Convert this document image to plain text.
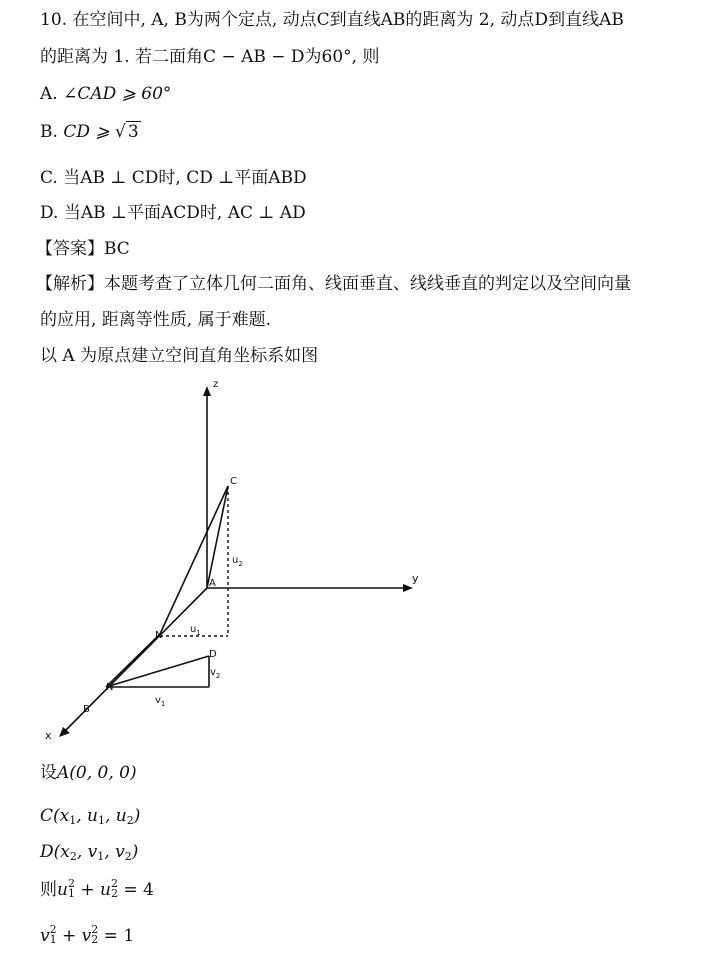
10. 在空间中, A, B为两个定点, 动点C到直线AB的距离为 2, 动点D到直线AB
的距离为 1. 若二面角C − AB − D为60°, 则
A. ∠CAD ⩾ 60°
B. CD ⩾ √ 3
C. 当AB ⊥ CD时, CD ⊥平面ABD
D. 当AB ⊥平面ACD时, AC ⊥ AD
【答案】BC
【解析】本题考查了立体几何二面角、线面垂直、线线垂直的判定以及空间向量
的应用, 距离等性质, 属于难题.
以 A 为原点建立空间直角坐标系如图
z
y
x
C
A
N
N
D
B
$u_1$
$u_2$
$v_1$
$v_2$
设A(0, 0, 0)
$C(x_1$, $u_1$, $u_2$)
$D(x_2$, $v_1$, $v_2$)
则u 2
1 + u 2
2 = 4
v 2
1 + v 2
2 = 1
